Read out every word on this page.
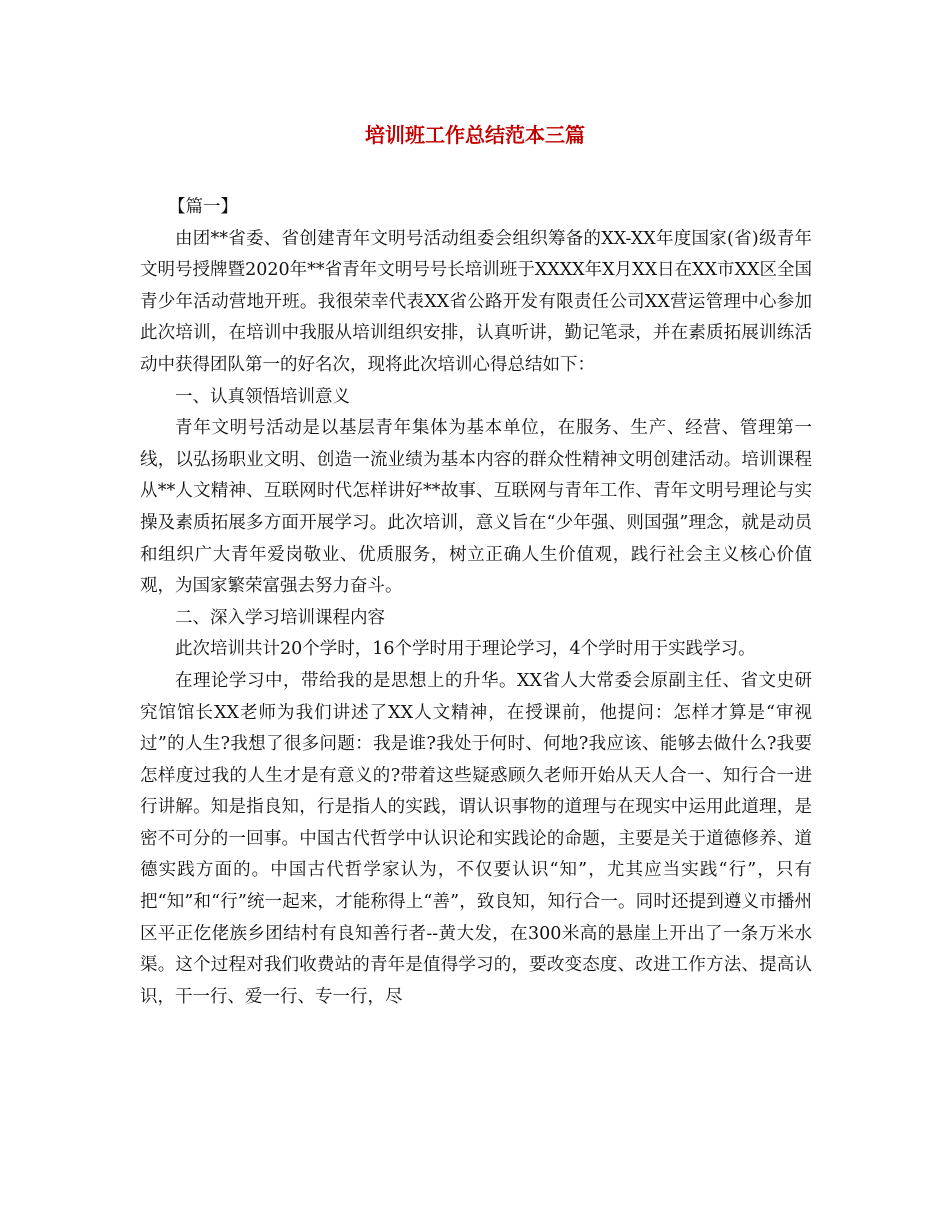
培训班工作总结范本三篇

【篇一】

由团**省委、省创建青年文明号活动组委会组织筹备的XX-XX年度国家(省)级青年文明号授牌暨2020年**省青年文明号号长培训班于XXXX年X月XX日在XX市XX区全国青少年活动营地开班。我很荣幸代表XX省公路开发有限责任公司XX营运管理中心参加此次培训，在培训中我服从培训组织安排，认真听讲，勤记笔录，并在素质拓展训练活动中获得团队第一的好名次，现将此次培训心得总结如下：

一、认真领悟培训意义

青年文明号活动是以基层青年集体为基本单位，在服务、生产、经营、管理第一线，以弘扬职业文明、创造一流业绩为基本内容的群众性精神文明创建活动。培训课程从**人文精神、互联网时代怎样讲好**故事、互联网与青年工作、青年文明号理论与实操及素质拓展多方面开展学习。此次培训，意义旨在“少年强、则国强”理念，就是动员和组织广大青年爱岗敬业、优质服务，树立正确人生价值观，践行社会主义核心价值观，为国家繁荣富强去努力奋斗。

二、深入学习培训课程内容

此次培训共计20个学时，16个学时用于理论学习，4个学时用于实践学习。

在理论学习中，带给我的是思想上的升华。XX省人大常委会原副主任、省文史研究馆馆长XX老师为我们讲述了XX人文精神，在授课前，他提问：怎样才算是“审视过”的人生?我想了很多问题：我是谁?我处于何时、何地?我应该、能够去做什么?我要怎样度过我的人生才是有意义的?带着这些疑惑顾久老师开始从天人合一、知行合一进行讲解。知是指良知，行是指人的实践，谓认识事物的道理与在现实中运用此道理，是密不可分的一回事。中国古代哲学中认识论和实践论的命题，主要是关于道德修养、道德实践方面的。中国古代哲学家认为，不仅要认识“知”，尤其应当实践“行”，只有把“知”和“行”统一起来，才能称得上“善”，致良知，知行合一。同时还提到遵义市播州区平正仡佬族乡团结村有良知善行者--黄大发，在300米高的悬崖上开出了一条万米水渠。这个过程对我们收费站的青年是值得学习的，要改变态度、改进工作方法、提高认识，干一行、爱一行、专一行，尽
